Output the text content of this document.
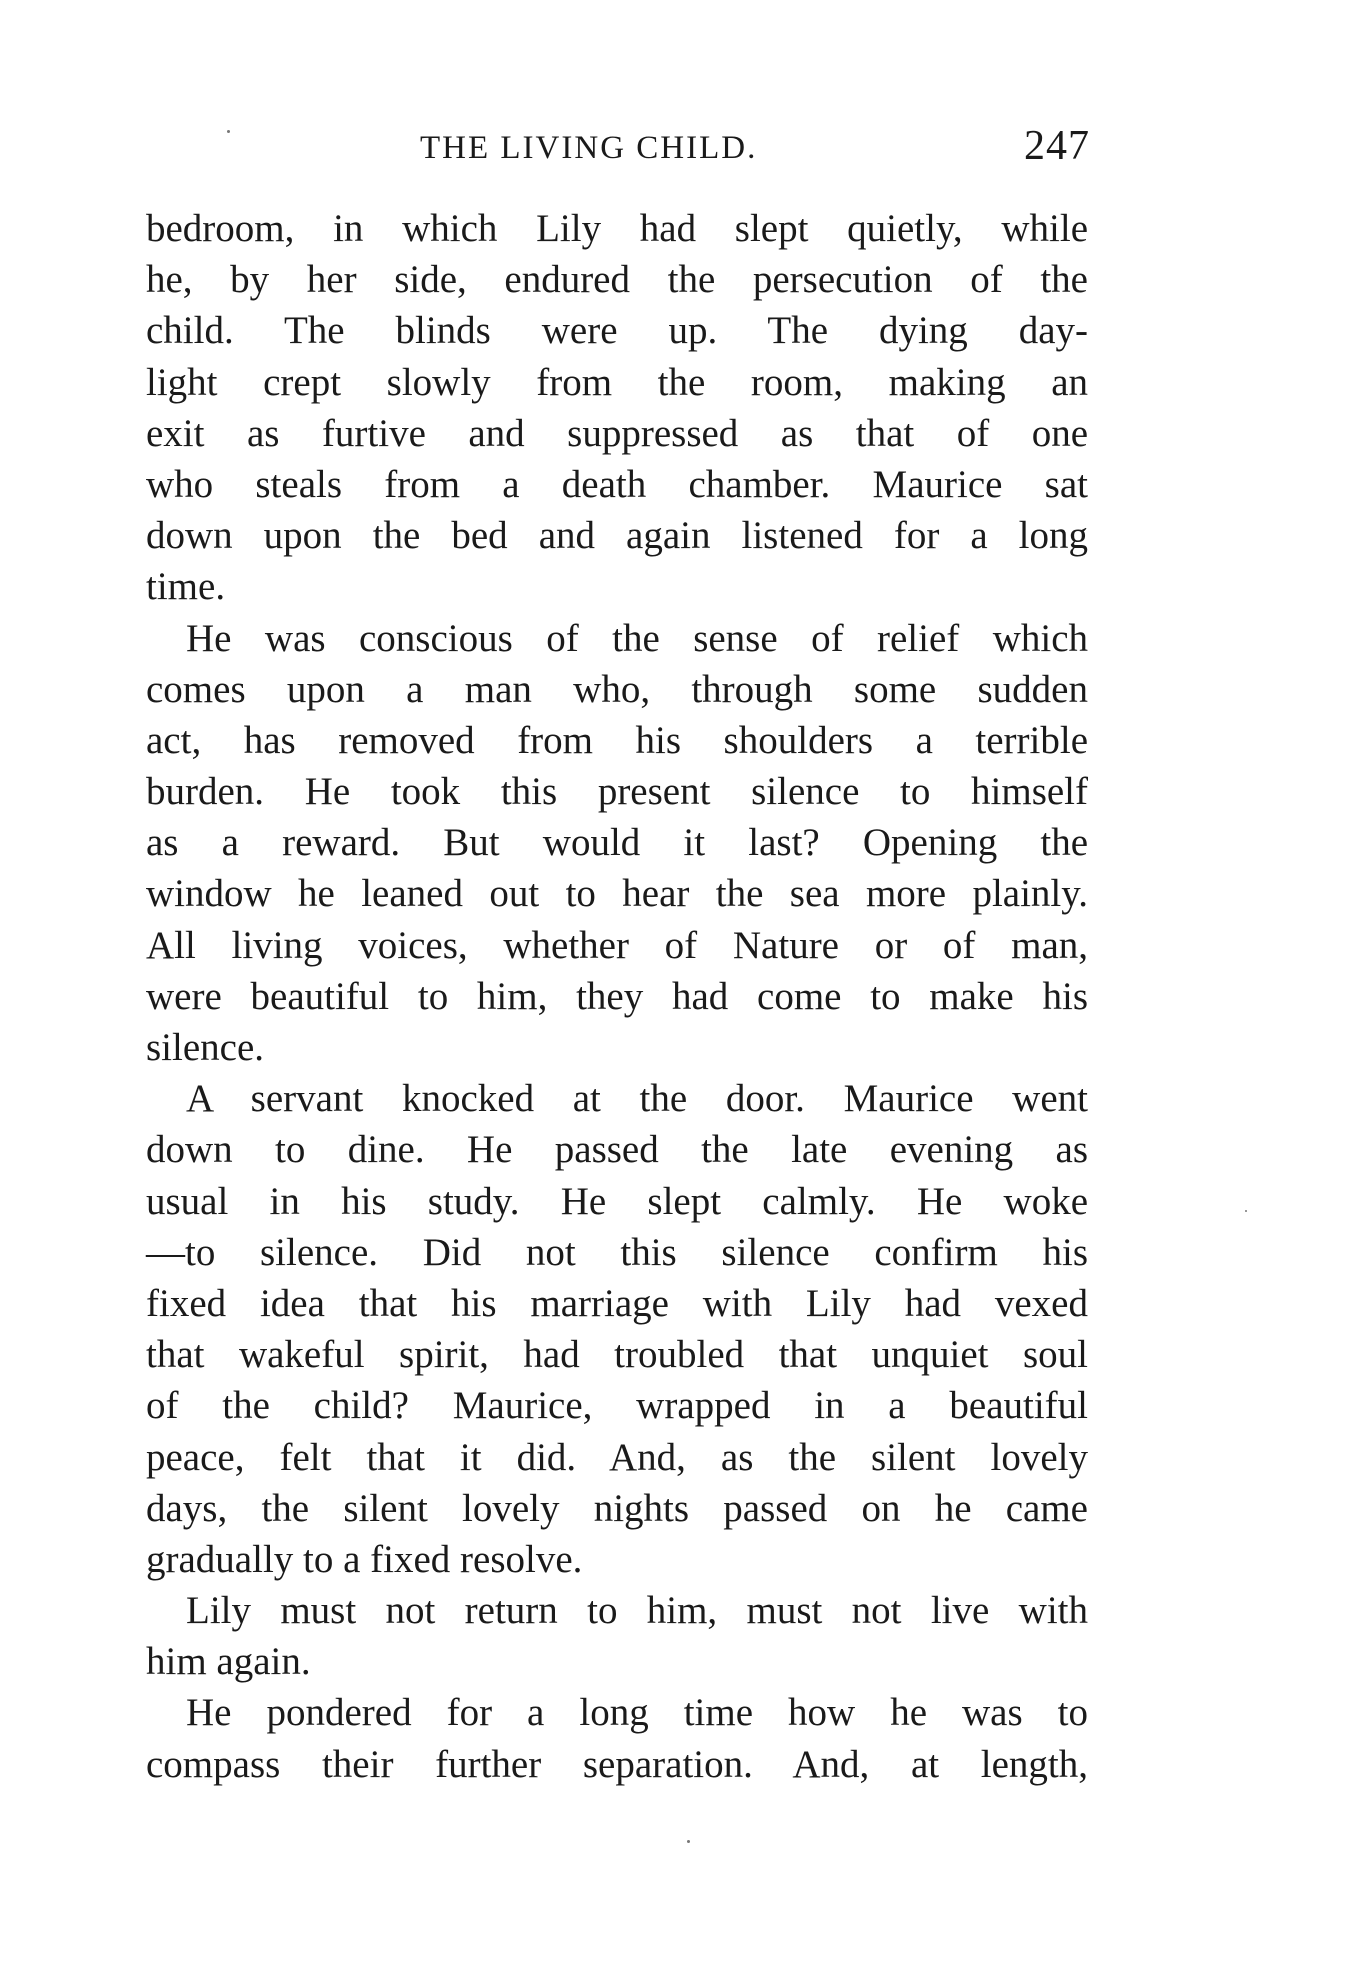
THE LIVING CHILD.	247
bedroom, in which Lily had slept quietly, while
he, by her side, endured the persecution of the
child. The blinds were up. The dying day-
light crept slowly from the room, making an
exit as furtive and suppressed as that of one
who steals from a death chamber. Maurice sat
down upon the bed and again listened for a long
time.
He was conscious of the sense of relief which
comes upon a man who, through some sudden
act, has removed from his shoulders a terrible
burden. He took this present silence to himself
as a reward. But would it last? Opening the
window he leaned out to hear the sea more plainly.
All living voices, whether of Nature or of man,
were beautiful to him, they had come to make his
silence.
A servant knocked at the door. Maurice went
down to dine. He passed the late evening as
usual in his study. He slept calmly. He woke
—to silence. Did not this silence confirm his
fixed idea that his marriage with Lily had vexed
that wakeful spirit, had troubled that unquiet soul
of the child? Maurice, wrapped in a beautiful
peace, felt that it did. And, as the silent lovely
days, the silent lovely nights passed on he came
gradually to a fixed resolve.
Lily must not return to him, must not live with
him again.
He pondered for a long time how he was to
compass their further separation. And, at length,
